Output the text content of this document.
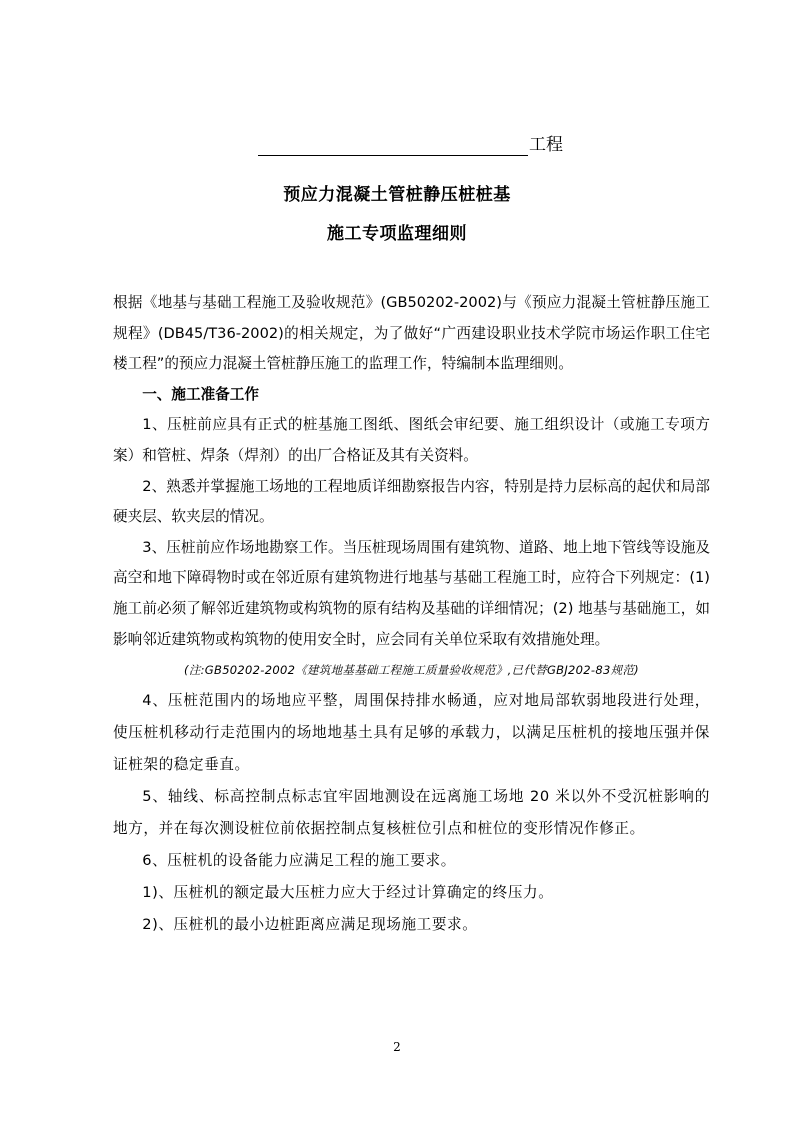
工程
预应力混凝土管桩静压桩桩基
施工专项监理细则

根据《地基与基础工程施工及验收规范》(GB50202-2002)与《预应力混凝土管桩静压施工规程》(DB45/T36-2002)的相关规定，为了做好“广西建设职业技术学院市场运作职工住宅楼工程”的预应力混凝土管桩静压施工的监理工作，特编制本监理细则。

一、施工准备工作

1、压桩前应具有正式的桩基施工图纸、图纸会审纪要、施工组织设计（或施工专项方案）和管桩、焊条（焊剂）的出厂合格证及其有关资料。

2、熟悉并掌握施工场地的工程地质详细勘察报告内容，特别是持力层标高的起伏和局部硬夹层、软夹层的情况。

3、压桩前应作场地勘察工作。当压桩现场周围有建筑物、道路、地上地下管线等设施及高空和地下障碍物时或在邻近原有建筑物进行地基与基础工程施工时，应符合下列规定：(1) 施工前必须了解邻近建筑物或构筑物的原有结构及基础的详细情况；(2) 地基与基础施工，如影响邻近建筑物或构筑物的使用安全时，应会同有关单位采取有效措施处理。

(注:GB50202-2002《建筑地基基础工程施工质量验收规范》,已代替GBJ202-83规范)

4、压桩范围内的场地应平整，周围保持排水畅通，应对地局部软弱地段进行处理，使压桩机移动行走范围内的场地地基土具有足够的承载力，以满足压桩机的接地压强并保证桩架的稳定垂直。

5、轴线、标高控制点标志宜牢固地测设在远离施工场地 20 米以外不受沉桩影响的地方，并在每次测设桩位前依据控制点复核桩位引点和桩位的变形情况作修正。

6、压桩机的设备能力应满足工程的施工要求。

1)、压桩机的额定最大压桩力应大于经过计算确定的终压力。

2)、压桩机的最小边桩距离应满足现场施工要求。

2
